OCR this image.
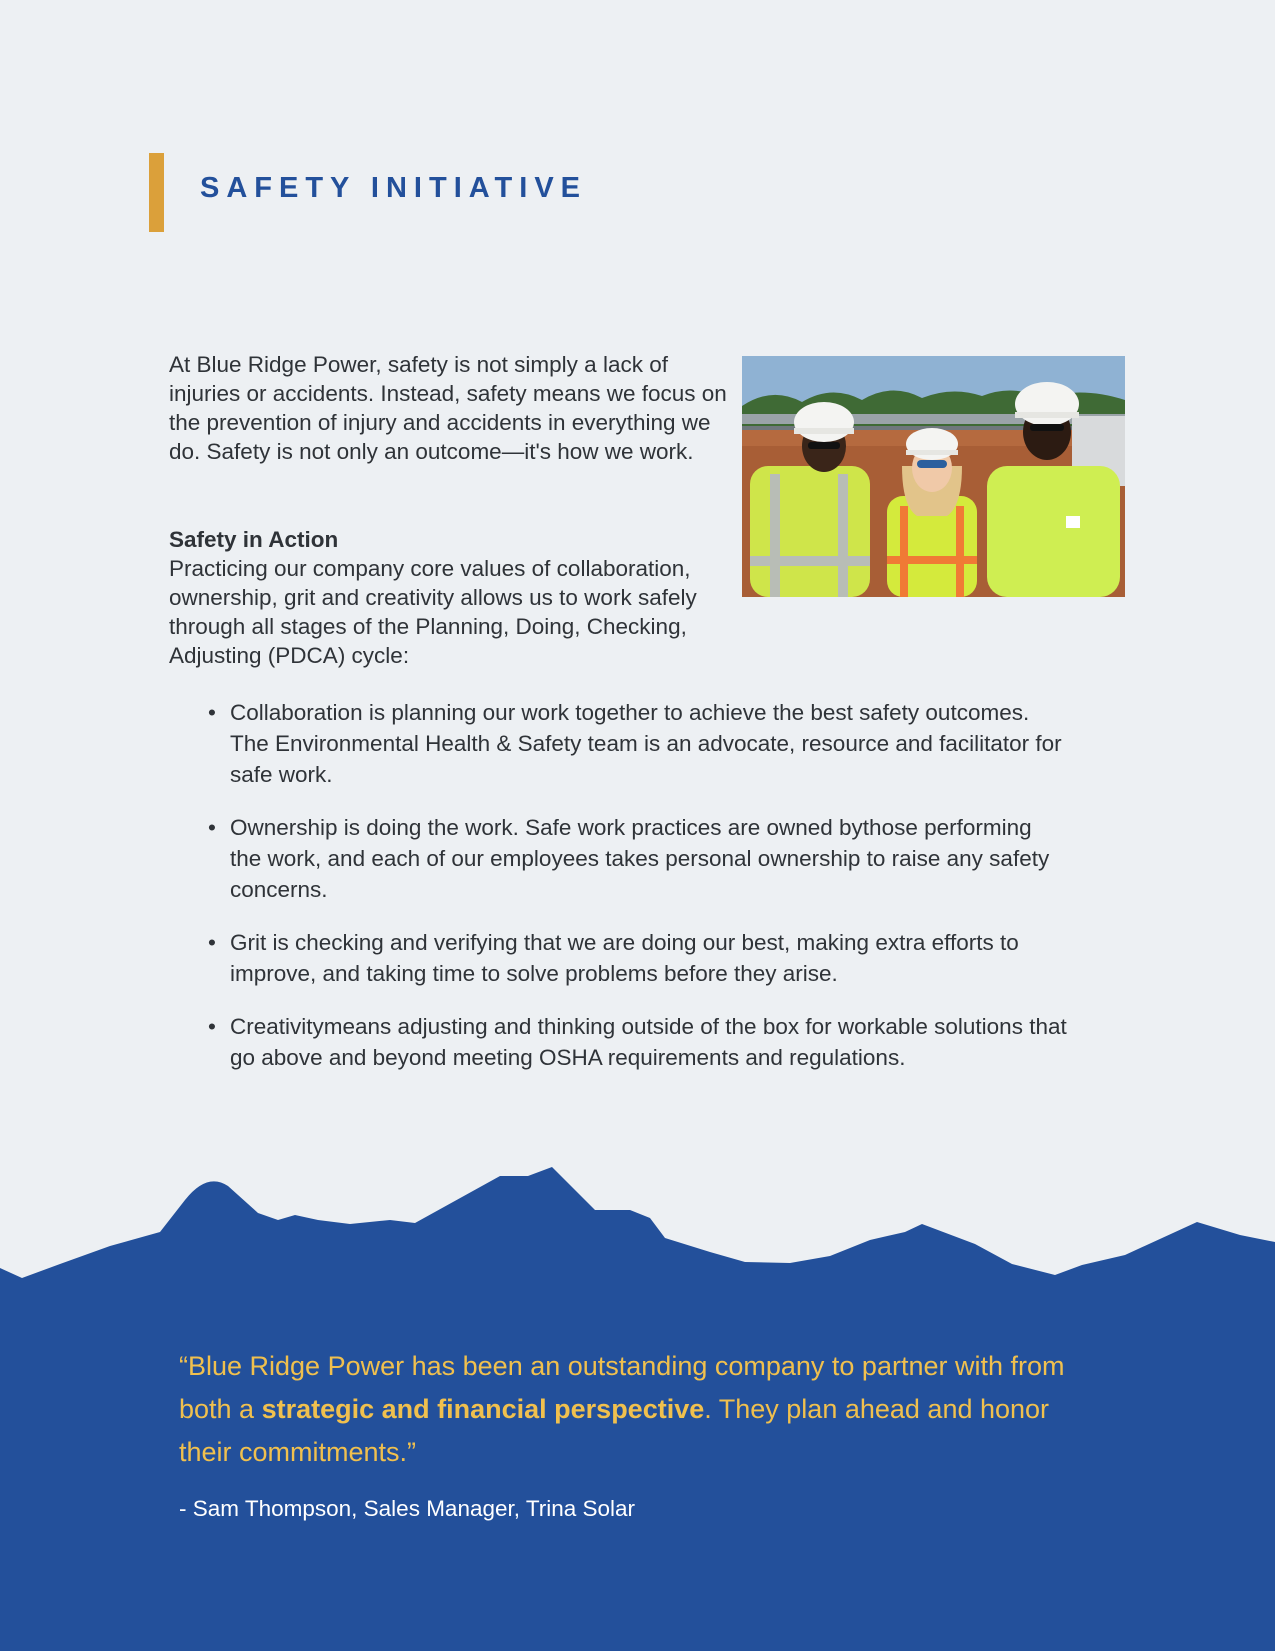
SAFETY INITIATIVE

At Blue Ridge Power, safety is not simply a lack of injuries or accidents. Instead, safety means we focus on the prevention of injury and accidents in everything we do. Safety is not only an outcome—it's how we work.

Safety in Action

Practicing our company core values of collaboration, ownership, grit and creativity allows us to work safely through all stages of the Planning, Doing, Checking, Adjusting (PDCA) cycle:

• Collaboration is planning our work together to achieve the best safety outcomes. The Environmental Health & Safety team is an advocate, resource and facilitator for safe work.
• Ownership is doing the work. Safe work practices are owned bythose performing the work, and each of our employees takes personal ownership to raise any safety concerns.
• Grit is checking and verifying that we are doing our best, making extra efforts to improve, and taking time to solve problems before they arise.
• Creativitymeans adjusting and thinking outside of the box for workable solutions that go above and beyond meeting OSHA requirements and regulations.

“Blue Ridge Power has been an outstanding company to partner with from both a strategic and financial perspective. They plan ahead and honor their commitments.”

- Sam Thompson, Sales Manager, Trina Solar
